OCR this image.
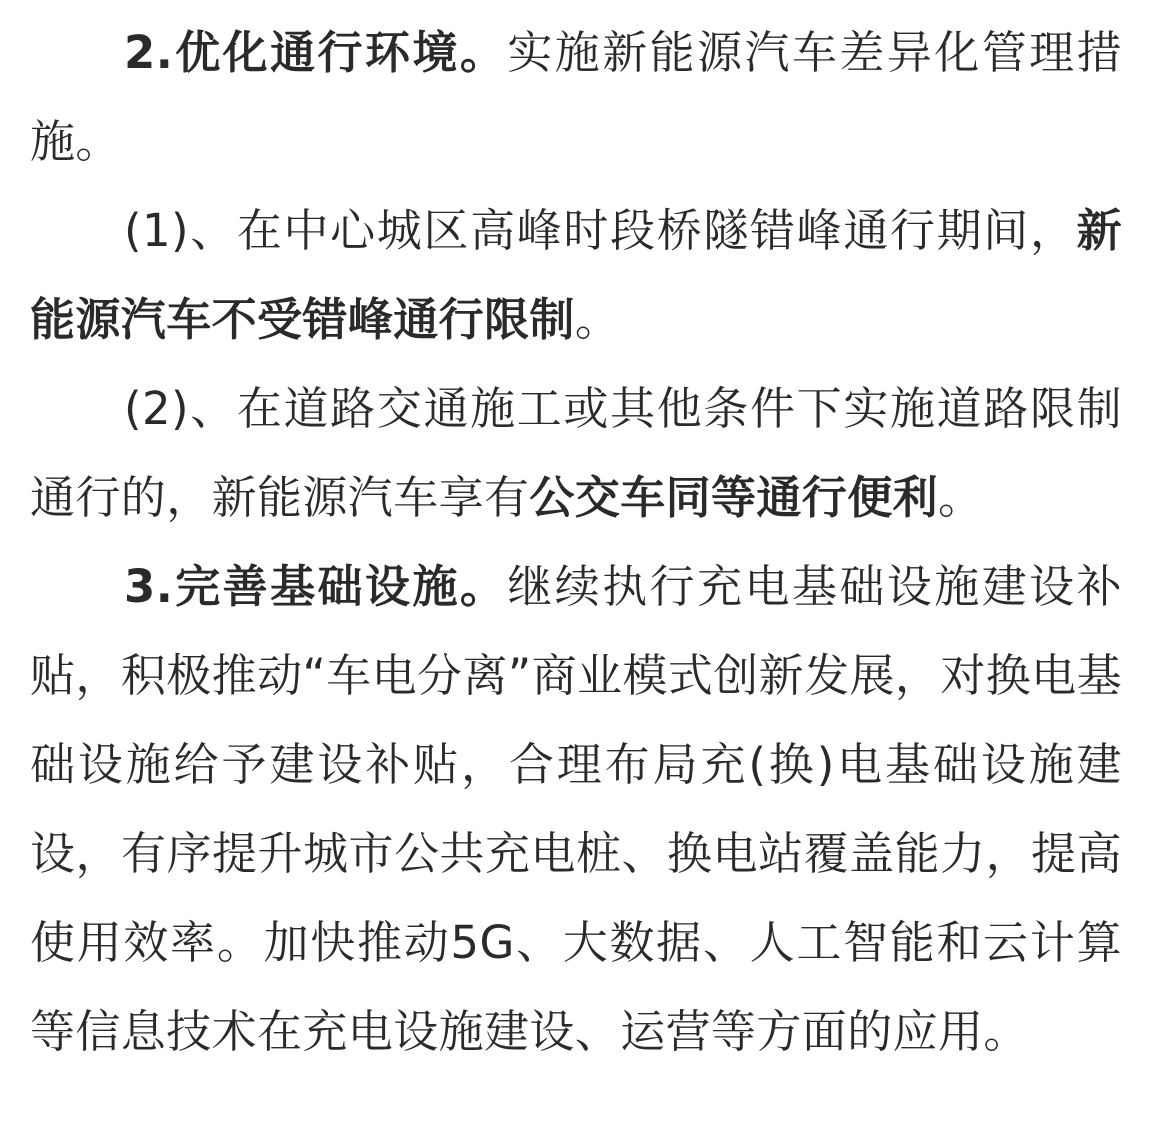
2.优化通行环境。实施新能源汽车差异化管理措施。

(1)、在中心城区高峰时段桥隧错峰通行期间，新能源汽车不受错峰通行限制。

(2)、在道路交通施工或其他条件下实施道路限制通行的，新能源汽车享有公交车同等通行便利。

3.完善基础设施。继续执行充电基础设施建设补贴，积极推动“车电分离”商业模式创新发展，对换电基础设施给予建设补贴，合理布局充(换)电基础设施建设，有序提升城市公共充电桩、换电站覆盖能力，提高使用效率。加快推动5G、大数据、人工智能和云计算等信息技术在充电设施建设、运营等方面的应用。
